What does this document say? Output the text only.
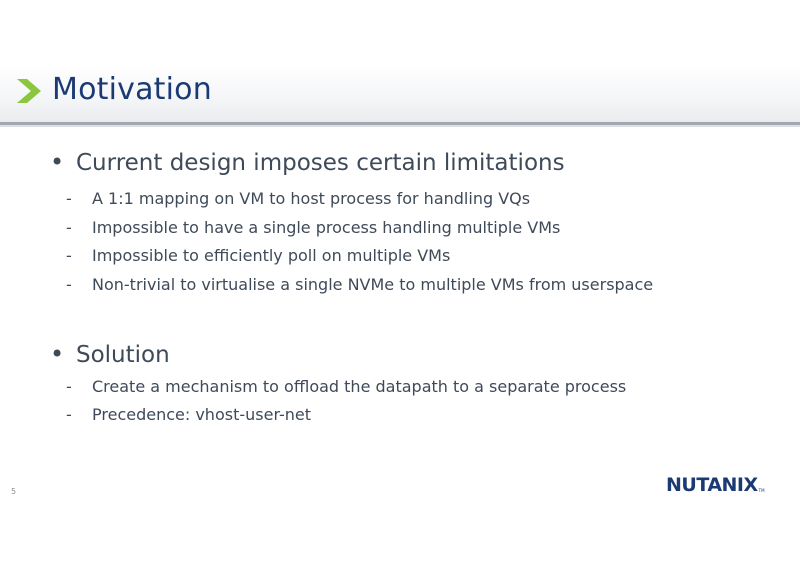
Motivation
• Current design imposes certain limitations
-	A 1:1 mapping on VM to host process for handling VQs
-	Impossible to have a single process handling multiple VMs
-	Impossible to efficiently poll on multiple VMs
-	Non-trivial to virtualise a single NVMe to multiple VMs from userspace
• Solution
-	Create a mechanism to offload the datapath to a separate process
-	Precedence: vhost-user-net
5	NUTANIX TM
